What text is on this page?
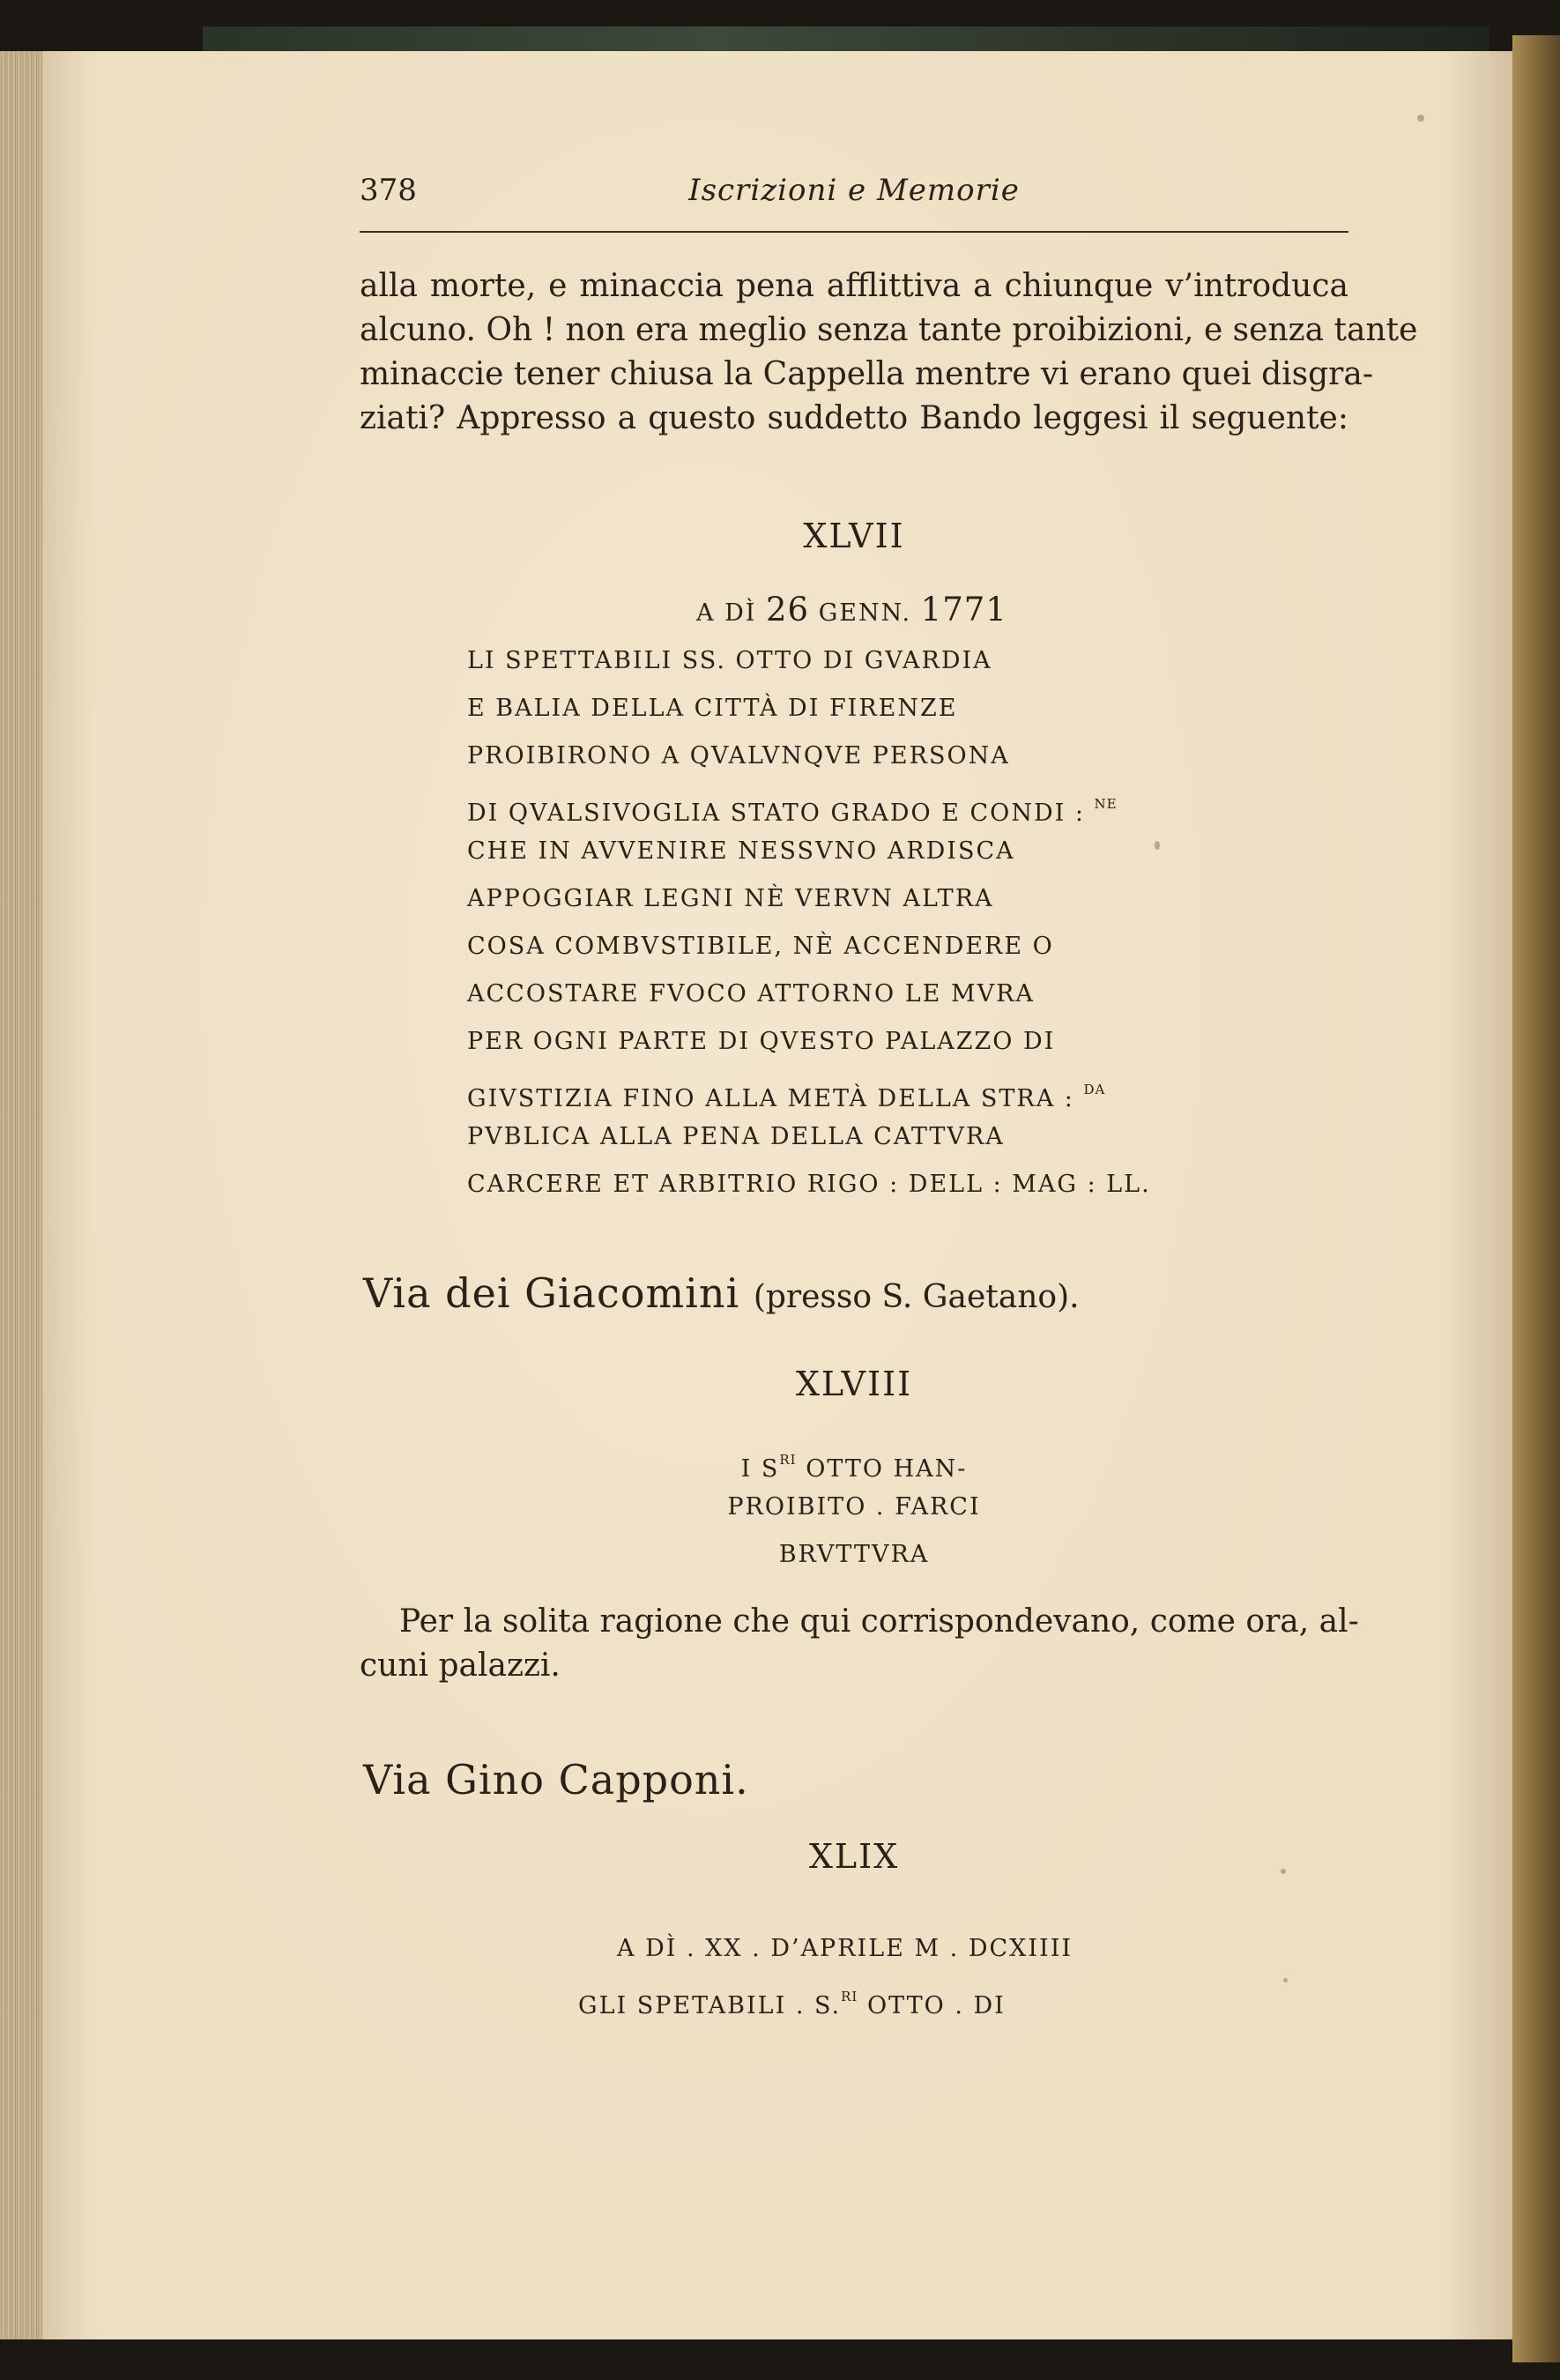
378	Iscrizioni e Memorie
alla morte, e minaccia pena afflittiva a chiunque v’introduca
alcuno. Oh ! non era meglio senza tante proibizioni, e senza tante
minaccie tener chiusa la Cappella mentre vi erano quei disgra-
ziati? Appresso a questo suddetto Bando leggesi il seguente:
XLVII
A DÌ 26 GENN. 1771
LI SPETTABILI SS. OTTO DI GVARDIA
E BALIA DELLA CITTÀ DI FIRENZE
PROIBIRONO A QVALVNQVE PERSONA
DI QVALSIVOGLIA STATO GRADO E CONDI : $^{NE}$
CHE IN AVVENIRE NESSVNO ARDISCA
APPOGGIAR LEGNI NÈ VERVN ALTRA
COSA COMBVSTIBILE, NÈ ACCENDERE O
ACCOSTARE FVOCO ATTORNO LE MVRA
PER OGNI PARTE DI QVESTO PALAZZO DI
GIVSTIZIA FINO ALLA METÀ DELLA STRA : $^{DA}$
PVBLICA ALLA PENA DELLA CATTVRA
CARCERE ET ARBITRIO RIGO : DELL : MAG : LL.
Via dei Giacomini (presso S. Gaetano).
XLVIII
I $S^{RI}$ OTTO HAN-
PROIBITO . FARCI
BRVTTVRA
Per la solita ragione che qui corrispondevano, come ora, al-
cuni palazzi.
Via Gino Capponi.
XLIX
A DÌ . XX . D’APRILE M . DCXIIII
GLI SPETABILI . S.$^{RI}$ OTTO . DI
